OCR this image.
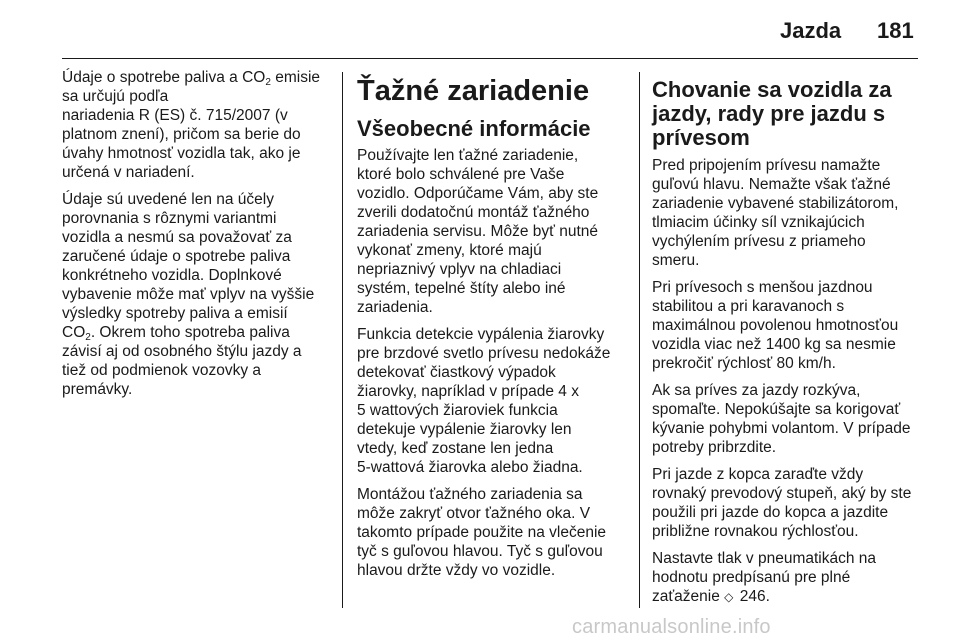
Jazda 181

Údaje o spotrebe paliva a $CO_2$ emisie
sa určujú podľa
nariadenia R (ES) č. 715/2007 (v
platnom znení), pričom sa berie do
úvahy hmotnosť vozidla tak, ako je
určená v nariadení.

Údaje sú uvedené len na účely
porovnania s rôznymi variantmi
vozidla a nesmú sa považovať za
zaručené údaje o spotrebe paliva
konkrétneho vozidla. Doplnkové
vybavenie môže mať vplyv na vyššie
výsledky spotreby paliva a emisií
$CO_2$. Okrem toho spotreba paliva
závisí aj od osobného štýlu jazdy a
tiež od podmienok vozovky a
premávky.

Ťažné zariadenie
Všeobecné informácie

Používajte len ťažné zariadenie,
ktoré bolo schválené pre Vaše
vozidlo. Odporúčame Vám, aby ste
zverili dodatočnú montáž ťažného
zariadenia servisu. Môže byť nutné
vykonať zmeny, ktoré majú
nepriaznivý vplyv na chladiaci
systém, tepelné štíty alebo iné
zariadenia.

Funkcia detekcie vypálenia žiarovky
pre brzdové svetlo prívesu nedokáže
detekovať čiastkový výpadok
žiarovky, napríklad v prípade 4 x
5 wattových žiaroviek funkcia
detekuje vypálenie žiarovky len
vtedy, keď zostane len jedna
5-wattová žiarovka alebo žiadna.

Montážou ťažného zariadenia sa
môže zakryť otvor ťažného oka. V
takomto prípade použite na vlečenie
tyč s guľovou hlavou. Tyč s guľovou
hlavou držte vždy vo vozidle.

Chovanie sa vozidla za
jazdy, rady pre jazdu s
prívesom

Pred pripojením prívesu namažte
guľovú hlavu. Nemažte však ťažné
zariadenie vybavené stabilizátorom,
tlmiacim účinky síl vznikajúcich
vychýlením prívesu z priameho
smeru.

Pri prívesoch s menšou jazdnou
stabilitou a pri karavanoch s
maximálnou povolenou hmotnosťou
vozidla viac než 1400 kg sa nesmie
prekročiť rýchlosť 80 km/h.

Ak sa príves za jazdy rozkýva,
spomaľte. Nepokúšajte sa korigovať
kývanie pohybmi volantom. V prípade
potreby pribrzdite.

Pri jazde z kopca zaraďte vždy
rovnaký prevodový stupeň, aký by ste
použili pri jazde do kopca a jazdite
približne rovnakou rýchlosťou.

Nastavte tlak v pneumatikách na
hodnotu predpísanú pre plné
zaťaženie ◇ 246.

carmanualsonline.info
